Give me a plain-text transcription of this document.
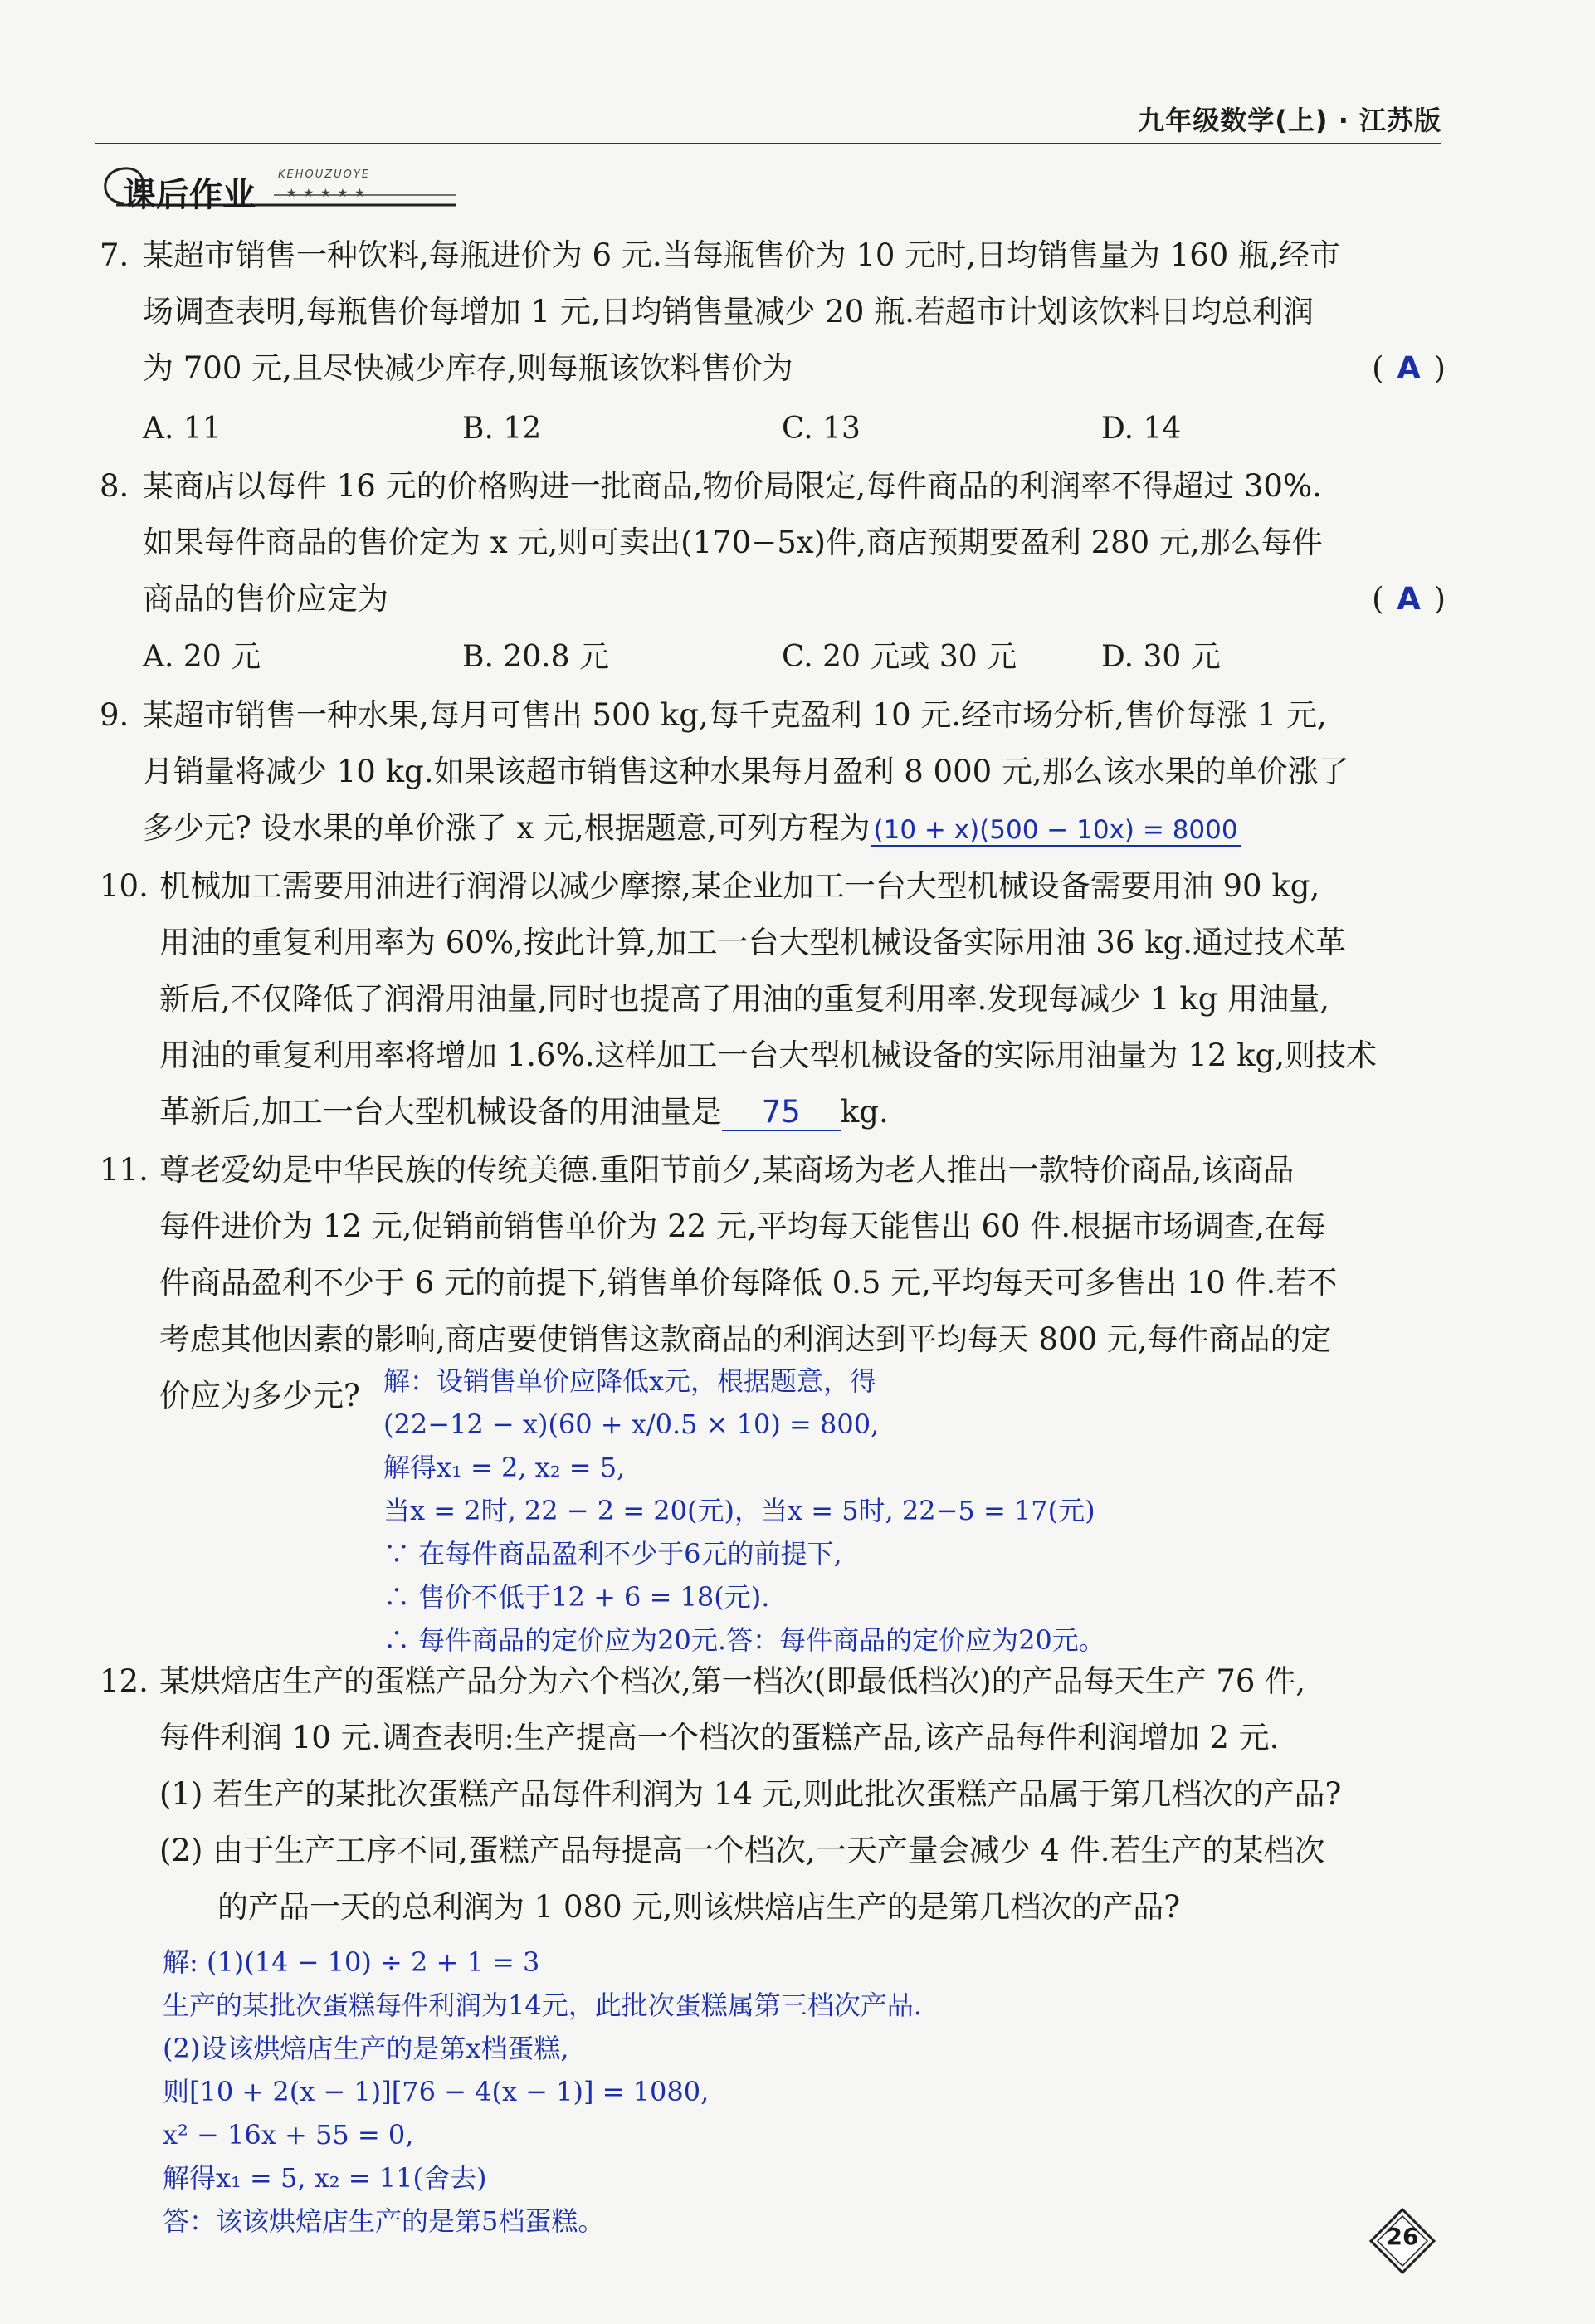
九年级数学(上) · 江苏版
课后作业
KEHOUZUOYE
★★★★★
7. 某超市销售一种饮料,每瓶进价为 6 元.当每瓶售价为 10 元时,日均销售量为 160 瓶,经市
场调查表明,每瓶售价每增加 1 元,日均销售量减少 20 瓶.若超市计划该饮料日均总利润
为 700 元,且尽快减少库存,则每瓶该饮料售价为	( A )
A. 11	B. 12	C. 13	D. 14
8. 某商店以每件 16 元的价格购进一批商品,物价局限定,每件商品的利润率不得超过 30%.
如果每件商品的售价定为 x 元,则可卖出(170−5x)件,商店预期要盈利 280 元,那么每件
商品的售价应定为	( A )
A. 20 元	B. 20.8 元	C. 20 元或 30 元	D. 30 元
9. 某超市销售一种水果,每月可售出 500 kg,每千克盈利 10 元.经市场分析,售价每涨 1 元,
月销量将减少 10 kg.如果该超市销售这种水果每月盈利 8 000 元,那么该水果的单价涨了
多少元? 设水果的单价涨了 x 元,根据题意,可列方程为 (10 + x)(500 − 10x) = 8000
10. 机械加工需要用油进行润滑以减少摩擦,某企业加工一台大型机械设备需要用油 90 kg,
用油的重复利用率为 60%,按此计算,加工一台大型机械设备实际用油 36 kg.通过技术革
新后,不仅降低了润滑用油量,同时也提高了用油的重复利用率.发现每减少 1 kg 用油量,
用油的重复利用率将增加 1.6%.这样加工一台大型机械设备的实际用油量为 12 kg,则技术
革新后,加工一台大型机械设备的用油量是 75 kg.
11. 尊老爱幼是中华民族的传统美德.重阳节前夕,某商场为老人推出一款特价商品,该商品
每件进价为 12 元,促销前销售单价为 22 元,平均每天能售出 60 件.根据市场调查,在每
件商品盈利不少于 6 元的前提下,销售单价每降低 0.5 元,平均每天可多售出 10 件.若不
考虑其他因素的影响,商店要使销售这款商品的利润达到平均每天 800 元,每件商品的定
价应为多少元? 解：设销售单价应降低x元，根据题意，得
(22−12 − x)(60 + x/0.5 × 10) = 800,
解得x₁ = 2, x₂ = 5,
当x = 2时, 22 − 2 = 20(元)，当x = 5时, 22−5 = 17(元)
∵ 在每件商品盈利不少于6元的前提下,
∴ 售价不低于12 + 6 = 18(元).
∴ 每件商品的定价应为20元.答：每件商品的定价应为20元。
12. 某烘焙店生产的蛋糕产品分为六个档次,第一档次(即最低档次)的产品每天生产 76 件,
每件利润 10 元.调查表明:生产提高一个档次的蛋糕产品,该产品每件利润增加 2 元.
(1) 若生产的某批次蛋糕产品每件利润为 14 元,则此批次蛋糕产品属于第几档次的产品?
(2) 由于生产工序不同,蛋糕产品每提高一个档次,一天产量会减少 4 件.若生产的某档次
的产品一天的总利润为 1 080 元,则该烘焙店生产的是第几档次的产品?
解: (1)(14 − 10) ÷ 2 + 1 = 3
生产的某批次蛋糕每件利润为14元，此批次蛋糕属第三档次产品.
(2)设该烘焙店生产的是第x档蛋糕,
则[10 + 2(x − 1)][76 − 4(x − 1)] = 1080,
x² − 16x + 55 = 0,
解得x₁ = 5, x₂ = 11(舍去)
答：该该烘焙店生产的是第5档蛋糕。	26
